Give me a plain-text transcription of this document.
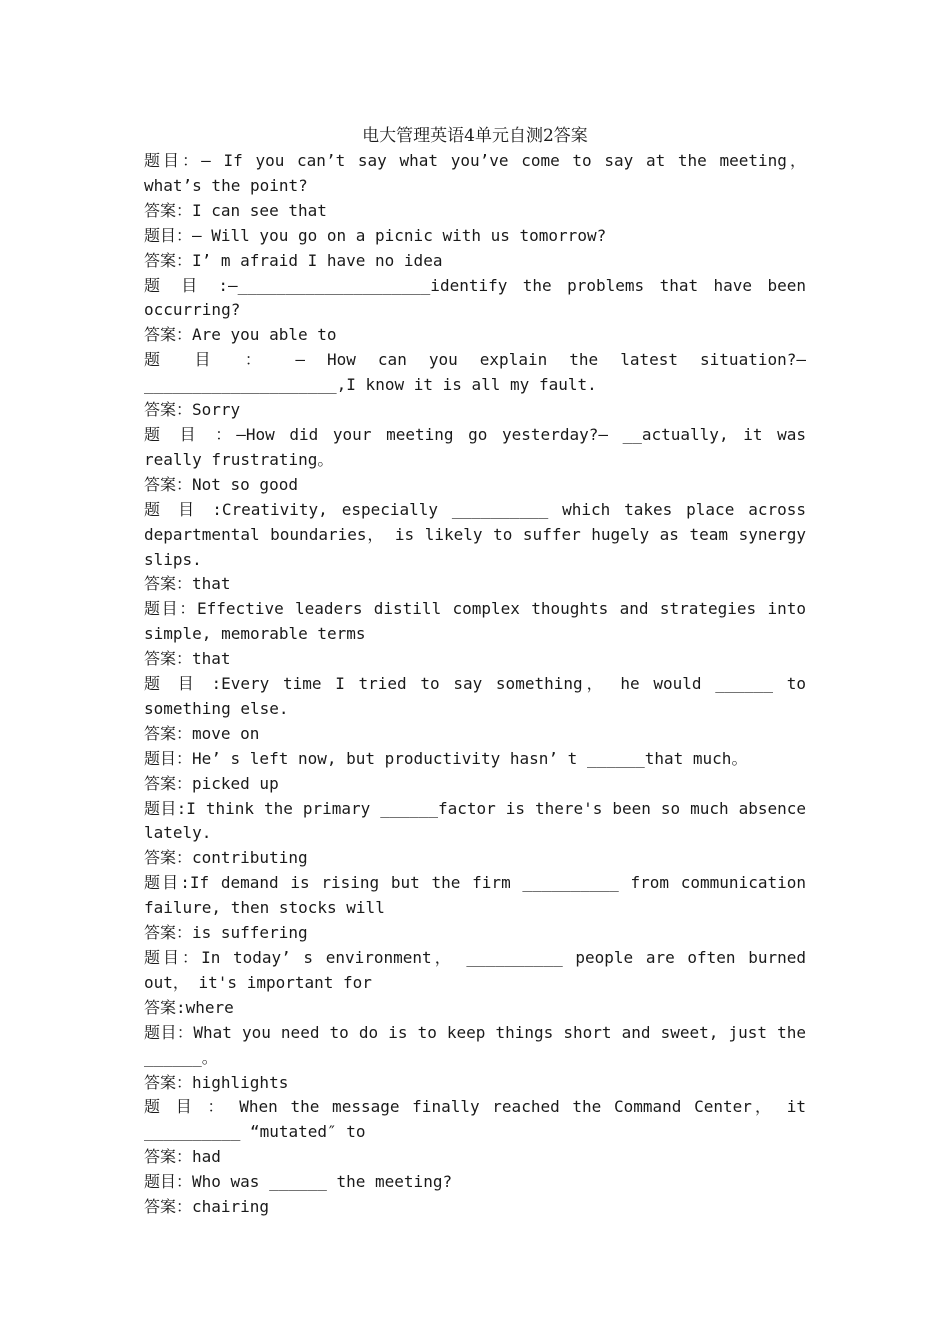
电大管理英语4单元自测2答案
题目：— If you can’t say what you’ve come to say at the meeting，what’s the point?
答案：I can see that
题目：— Will you go on a picnic with us tomorrow?
答案：I’ m afraid I have no idea
题 目 :—____________________identify the problems that have been occurring?
答案：Are you able to
题 目 ： — How can you explain the latest situation?—____________________,I know it is all my fault.
答案：Sorry
题 目 ：—How did your meeting go yesterday?— __actually, it was really frustrating。
答案：Not so good
题 目 :Creativity, especially __________ which takes place across departmental boundaries， is likely to suffer hugely as team synergy slips.
答案：that
题目：Effective leaders distill complex thoughts and strategies into simple, memorable terms
答案：that
题 目 :Every time I tried to say something， he would ______ to something else.
答案：move on
题目：He’ s left now, but productivity hasn’ t ______that much。
答案：picked up
题目:I think the primary ______factor is there's been so much absence lately.
答案：contributing
题目:If demand is rising but the firm __________ from communication failure, then stocks will
答案：is suffering
题目：In today’ s environment， __________ people are often burned out， it's important for
答案:where
题目：What you need to do is to keep things short and sweet, just the ______。
答案：highlights
题 目 ： When the message finally reached the Command Center， it __________ “mutated″ to
答案：had
题目：Who was ______ the meeting?
答案：chairing
